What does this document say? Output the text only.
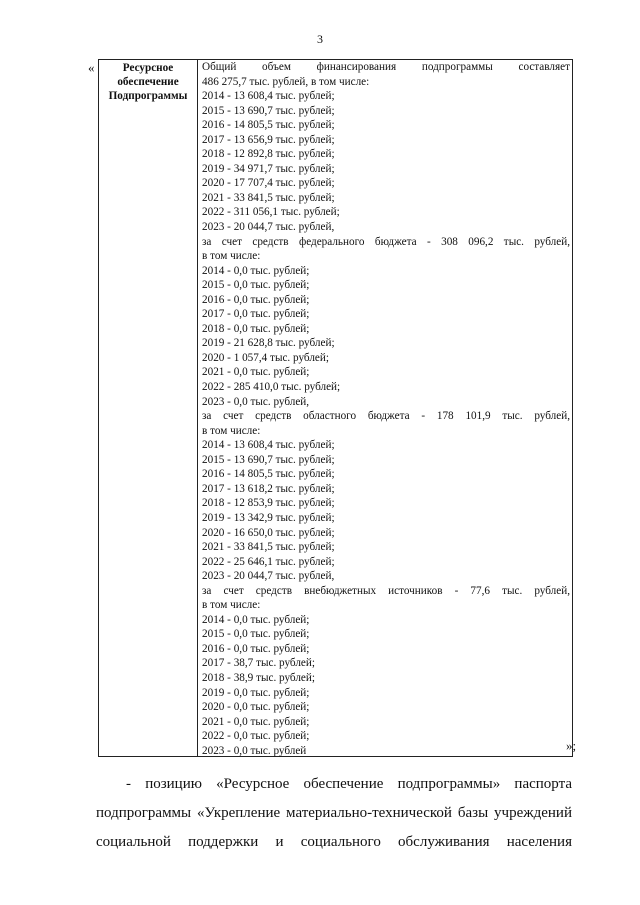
3
«	Ресурсное
обеспечение
Подпрограммы
Общий объем финансирования подпрограммы составляет
486 275,7 тыс. рублей, в том числе:
2014 - 13 608,4 тыс. рублей;
2015 - 13 690,7 тыс. рублей;
2016 - 14 805,5 тыс. рублей;
2017 - 13 656,9 тыс. рублей;
2018 - 12 892,8 тыс. рублей;
2019 - 34 971,7 тыс. рублей;
2020 - 17 707,4 тыс. рублей;
2021 - 33 841,5 тыс. рублей;
2022 - 311 056,1 тыс. рублей;
2023 - 20 044,7 тыс. рублей,
за счет средств федерального бюджета - 308 096,2 тыс. рублей,
в том числе:
2014 - 0,0 тыс. рублей;
2015 - 0,0 тыс. рублей;
2016 - 0,0 тыс. рублей;
2017 - 0,0 тыс. рублей;
2018 - 0,0 тыс. рублей;
2019 - 21 628,8 тыс. рублей;
2020 - 1 057,4 тыс. рублей;
2021 - 0,0 тыс. рублей;
2022 - 285 410,0 тыс. рублей;
2023 - 0,0 тыс. рублей,
за счет средств областного бюджета - 178 101,9 тыс. рублей,
в том числе:
2014 - 13 608,4 тыс. рублей;
2015 - 13 690,7 тыс. рублей;
2016 - 14 805,5 тыс. рублей;
2017 - 13 618,2 тыс. рублей;
2018 - 12 853,9 тыс. рублей;
2019 - 13 342,9 тыс. рублей;
2020 - 16 650,0 тыс. рублей;
2021 - 33 841,5 тыс. рублей;
2022 - 25 646,1 тыс. рублей;
2023 - 20 044,7 тыс. рублей,
за счет средств внебюджетных источников - 77,6 тыс. рублей,
в том числе:
2014 - 0,0 тыс. рублей;
2015 - 0,0 тыс. рублей;
2016 - 0,0 тыс. рублей;
2017 - 38,7 тыс. рублей;
2018 - 38,9 тыс. рублей;
2019 - 0,0 тыс. рублей;
2020 - 0,0 тыс. рублей;
2021 - 0,0 тыс. рублей;
2022 - 0,0 тыс. рублей;
2023 - 0,0 тыс. рублей	»;
- позицию «Ресурсное обеспечение подпрограммы» паспорта
подпрограммы «Укрепление материально-технической базы учреждений
социальной поддержки и социального обслуживания населения
